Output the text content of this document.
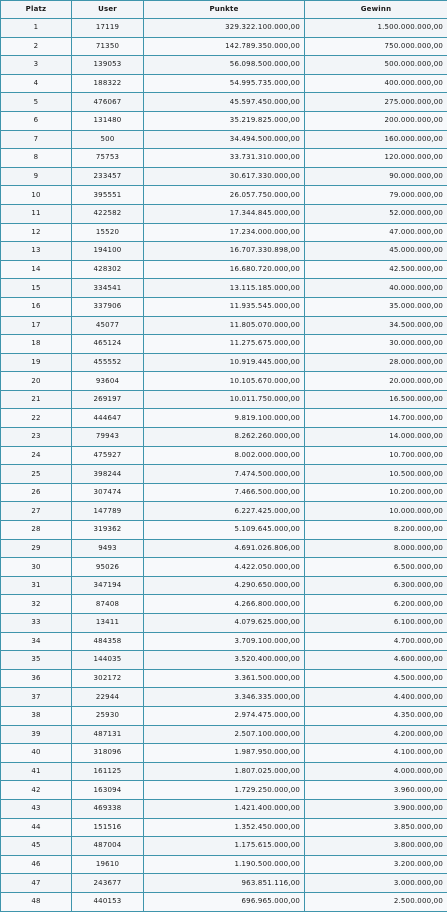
Platz	User	Punkte	Gewinn
1	17119	329.322.100.000,00	1.500.000.000,00
2	71350	142.789.350.000,00	750.000.000,00
3	139053	56.098.500.000,00	500.000.000,00
4	188322	54.995.735.000,00	400.000.000,00
5	476067	45.597.450.000,00	275.000.000,00
6	131480	35.219.825.000,00	200.000.000,00
7	500	34.494.500.000,00	160.000.000,00
8	75753	33.731.310.000,00	120.000.000,00
9	233457	30.617.330.000,00	90.000.000,00
10	395551	26.057.750.000,00	79.000.000,00
11	422582	17.344.845.000,00	52.000.000,00
12	15520	17.234.000.000,00	47.000.000,00
13	194100	16.707.330.898,00	45.000.000,00
14	428302	16.680.720.000,00	42.500.000,00
15	334541	13.115.185.000,00	40.000.000,00
16	337906	11.935.545.000,00	35.000.000,00
17	45077	11.805.070.000,00	34.500.000,00
18	465124	11.275.675.000,00	30.000.000,00
19	455552	10.919.445.000,00	28.000.000,00
20	93604	10.105.670.000,00	20.000.000,00
21	269197	10.011.750.000,00	16.500.000,00
22	444647	9.819.100.000,00	14.700.000,00
23	79943	8.262.260.000,00	14.000.000,00
24	475927	8.002.000.000,00	10.700.000,00
25	398244	7.474.500.000,00	10.500.000,00
26	307474	7.466.500.000,00	10.200.000,00
27	147789	6.227.425.000,00	10.000.000,00
28	319362	5.109.645.000,00	8.200.000,00
29	9493	4.691.026.806,00	8.000.000,00
30	95026	4.422.050.000,00	6.500.000,00
31	347194	4.290.650.000,00	6.300.000,00
32	87408	4.266.800.000,00	6.200.000,00
33	13411	4.079.625.000,00	6.100.000,00
34	484358	3.709.100.000,00	4.700.000,00
35	144035	3.520.400.000,00	4.600.000,00
36	302172	3.361.500.000,00	4.500.000,00
37	22944	3.346.335.000,00	4.400.000,00
38	25930	2.974.475.000,00	4.350.000,00
39	487131	2.507.100.000,00	4.200.000,00
40	318096	1.987.950.000,00	4.100.000,00
41	161125	1.807.025.000,00	4.000.000,00
42	163094	1.729.250.000,00	3.960.000,00
43	469338	1.421.400.000,00	3.900.000,00
44	151516	1.352.450.000,00	3.850.000,00
45	487004	1.175.615.000,00	3.800.000,00
46	19610	1.190.500.000,00	3.200.000,00
47	243677	963.851.116,00	3.000.000,00
48	440153	696.965.000,00	2.500.000,00
